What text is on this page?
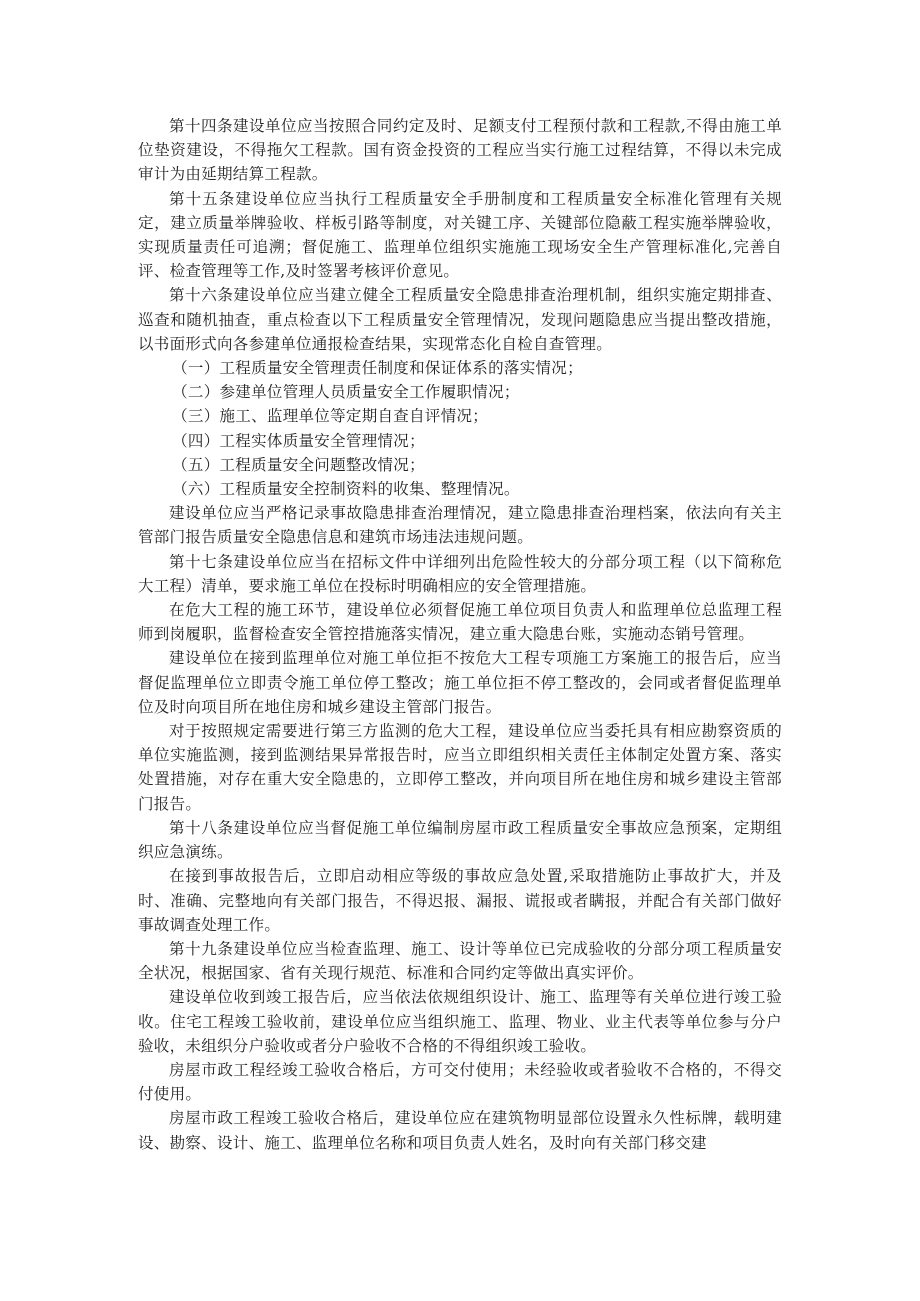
第十四条建设单位应当按照合同约定及时、足额支付工程预付款和工程款,不得由施工单位垫资建设，不得拖欠工程款。国有资金投资的工程应当实行施工过程结算，不得以未完成审计为由延期结算工程款。

第十五条建设单位应当执行工程质量安全手册制度和工程质量安全标准化管理有关规定，建立质量举牌验收、样板引路等制度，对关键工序、关键部位隐蔽工程实施举牌验收，实现质量责任可追溯；督促施工、监理单位组织实施施工现场安全生产管理标准化,完善自评、检查管理等工作,及时签署考核评价意见。

第十六条建设单位应当建立健全工程质量安全隐患排查治理机制，组织实施定期排查、巡查和随机抽查，重点检查以下工程质量安全管理情况，发现问题隐患应当提出整改措施，以书面形式向各参建单位通报检查结果，实现常态化自检自查管理。

（一）工程质量安全管理责任制度和保证体系的落实情况；

（二）参建单位管理人员质量安全工作履职情况；

（三）施工、监理单位等定期自查自评情况；

（四）工程实体质量安全管理情况；

（五）工程质量安全问题整改情况；

（六）工程质量安全控制资料的收集、整理情况。

建设单位应当严格记录事故隐患排查治理情况，建立隐患排查治理档案，依法向有关主管部门报告质量安全隐患信息和建筑市场违法违规问题。

第十七条建设单位应当在招标文件中详细列出危险性较大的分部分项工程（以下简称危大工程）清单，要求施工单位在投标时明确相应的安全管理措施。

在危大工程的施工环节，建设单位必须督促施工单位项目负责人和监理单位总监理工程师到岗履职，监督检查安全管控措施落实情况，建立重大隐患台账，实施动态销号管理。

建设单位在接到监理单位对施工单位拒不按危大工程专项施工方案施工的报告后，应当督促监理单位立即责令施工单位停工整改；施工单位拒不停工整改的，会同或者督促监理单位及时向项目所在地住房和城乡建设主管部门报告。

对于按照规定需要进行第三方监测的危大工程，建设单位应当委托具有相应勘察资质的单位实施监测，接到监测结果异常报告时，应当立即组织相关责任主体制定处置方案、落实处置措施，对存在重大安全隐患的，立即停工整改，并向项目所在地住房和城乡建设主管部门报告。

第十八条建设单位应当督促施工单位编制房屋市政工程质量安全事故应急预案，定期组织应急演练。

在接到事故报告后，立即启动相应等级的事故应急处置,采取措施防止事故扩大，并及时、准确、完整地向有关部门报告，不得迟报、漏报、谎报或者瞒报，并配合有关部门做好事故调查处理工作。

第十九条建设单位应当检查监理、施工、设计等单位已完成验收的分部分项工程质量安全状况，根据国家、省有关现行规范、标准和合同约定等做出真实评价。

建设单位收到竣工报告后，应当依法依规组织设计、施工、监理等有关单位进行竣工验收。住宅工程竣工验收前，建设单位应当组织施工、监理、物业、业主代表等单位参与分户验收，未组织分户验收或者分户验收不合格的不得组织竣工验收。

房屋市政工程经竣工验收合格后，方可交付使用；未经验收或者验收不合格的，不得交付使用。

房屋市政工程竣工验收合格后，建设单位应在建筑物明显部位设置永久性标牌，载明建设、勘察、设计、施工、监理单位名称和项目负责人姓名，及时向有关部门移交建
